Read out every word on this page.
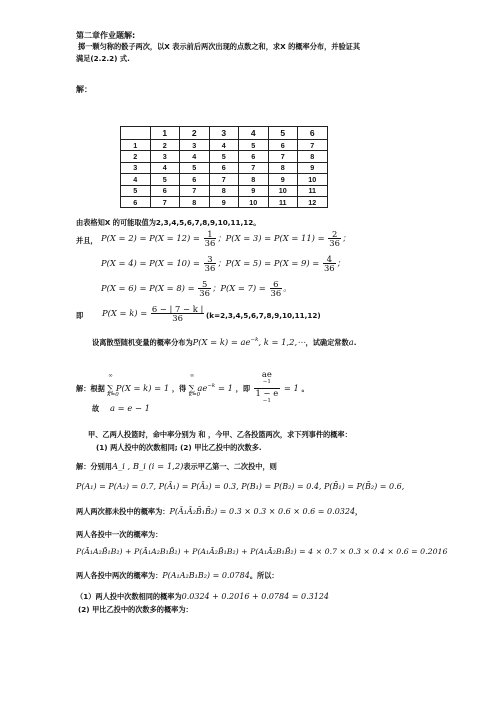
第二章作业题解:
掷一颗匀称的骰子两次，以X 表示前后两次出现的点数之和，求X 的概率分布，并验证其
满足(2.2.2) 式.
解：
	1	2	3	4	5	6
1	2	3	4	5	6	7
2	3	4	5	6	7	8
3	4	5	6	7	8	9
4	5	6	7	8	9	10
5	6	7	8	9	10	11
6	7	8	9	10	11	12
由表格知X 的可能取值为2,3,4,5,6,7,8,9,10,11,12。
并且， $P(X = 2) = P(X = 12) = \frac{1}{36}$ ；$P(X = 3) = P(X = 11) = \frac{2}{36}$ ；
$P(X = 4) = P(X = 10) = \frac{3}{36}$ ；$P(X = 5) = P(X = 9) = \frac{4}{36}$ ；
$P(X = 6) = P(X = 8) = \frac{5}{36}$ ；$P(X = 7) = \frac{6}{36}$ 。
即 $P(X = k) = \frac{6 - | 7 - k |}{36} (k=2,3,4,5,6,7,8,9,10,11,12)$
设离散型随机变量的概率分布为$P(X = k) = ae^{-k}$, k = 1,2,⋯，试确定常数a.
解：根据
∞
k=0
∑ P(X = k) = 1 ，得
∞
k=0
∑ $ae^{-k} = 1$ ，即 ae
$^{-1}$
1 − e
$^{-1}$ = 1 。
故 a = e − 1
甲、乙两人投篮时，命中率分别为 和 ，今甲、乙各投篮两次，求下列事件的概率：
(1) 两人投中的次数相同; (2) 甲比乙投中的次数多.
解：分别用A_i , B_i (i = 1,2)表示甲乙第一、二次投中，则
P(A₁) = P(A₂) = 0.7, P(Ā₁) = P(Ā₂) = 0.3, P(B₁) = P(B₂) = 0.4, P(B̄₁) = P(B̄₂) = 0.6,
两人两次都未投中的概率为：P(Ā₁Ā₂B̄₁B̄₂) = 0.3 × 0.3 × 0.6 × 0.6 = 0.0324，
两人各投中一次的概率为：
P(Ā₁A₂B̄₁B₂) + P(Ā₁A₂B₁B̄₂) + P(A₁Ā₂B̄₁B₂) + P(A₁Ā₂B₁B̄₂) = 4 × 0.7 × 0.3 × 0.4 × 0.6 = 0.2016
两人各投中两次的概率为：P(A₁A₂B₁B₂) = 0.0784。所以：
（1）两人投中次数相同的概率为0.0324 + 0.2016 + 0.0784 = 0.3124
(2) 甲比乙投中的次数多的概率为：
